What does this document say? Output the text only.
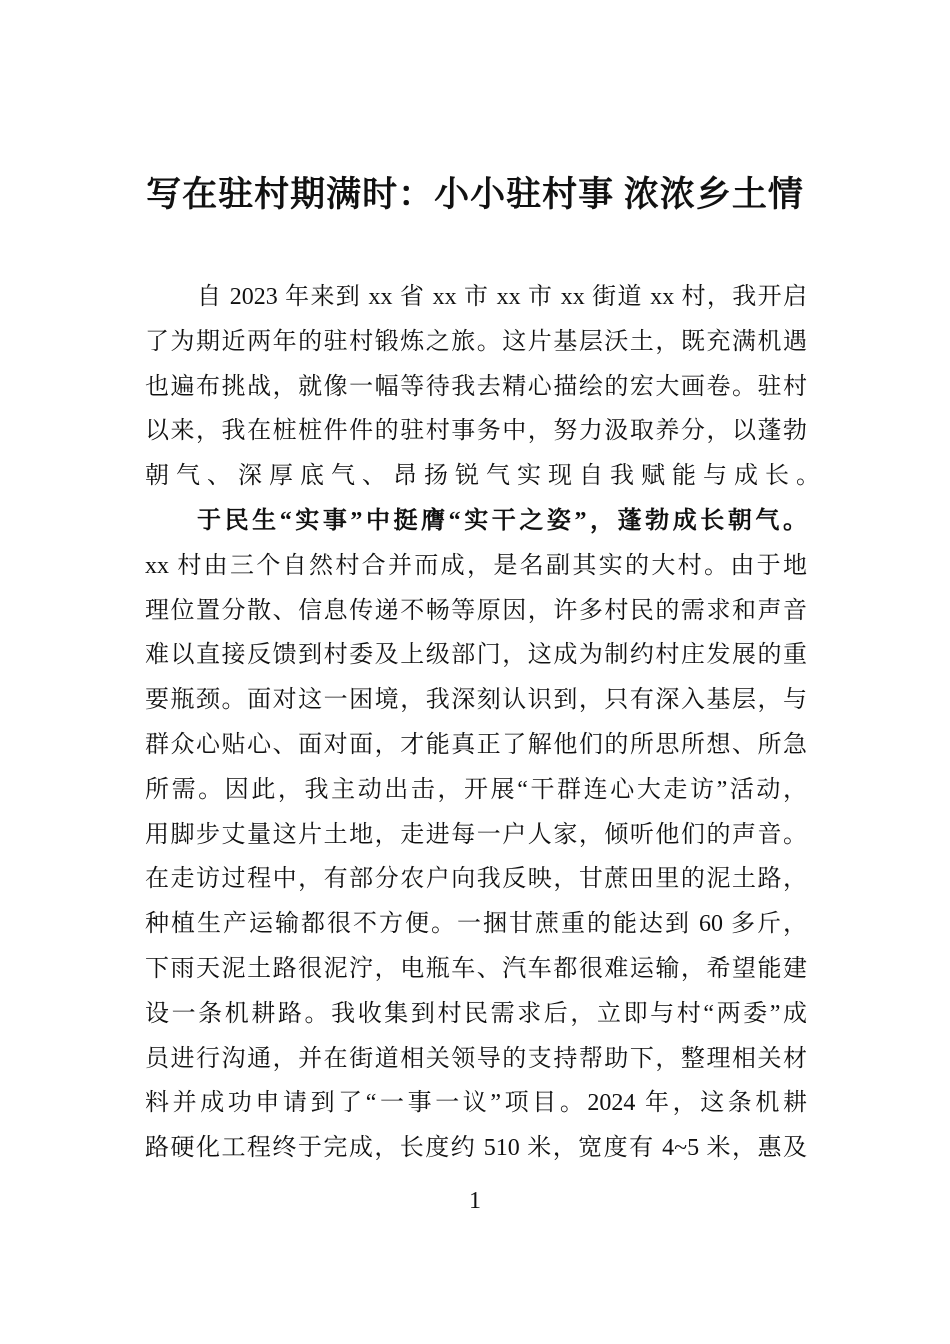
写在驻村期满时：小小驻村事 浓浓乡土情
自 2023 年来到 xx 省 xx 市 xx 市 xx 街道 xx 村，我开启
了为期近两年的驻村锻炼之旅。这片基层沃土，既充满机遇
也遍布挑战，就像一幅等待我去精心描绘的宏大画卷。驻村
以来，我在桩桩件件的驻村事务中，努力汲取养分，以蓬勃
朝气、深厚底气、昂扬锐气实现自我赋能与成长。
于民生“实事”中挺膺“实干之姿”，蓬勃成长朝气。
xx 村由三个自然村合并而成，是名副其实的大村。由于地
理位置分散、信息传递不畅等原因，许多村民的需求和声音
难以直接反馈到村委及上级部门，这成为制约村庄发展的重
要瓶颈。面对这一困境，我深刻认识到，只有深入基层，与
群众心贴心、面对面，才能真正了解他们的所思所想、所急
所需。因此，我主动出击，开展“干群连心大走访”活动，
用脚步丈量这片土地，走进每一户人家，倾听他们的声音。
在走访过程中，有部分农户向我反映，甘蔗田里的泥土路，
种植生产运输都很不方便。一捆甘蔗重的能达到 60 多斤，
下雨天泥土路很泥泞，电瓶车、汽车都很难运输，希望能建
设一条机耕路。我收集到村民需求后，立即与村“两委”成
员进行沟通，并在街道相关领导的支持帮助下，整理相关材
料并成功申请到了“一事一议”项目。2024 年，这条机耕
路硬化工程终于完成，长度约 510 米，宽度有 4~5 米，惠及
1
